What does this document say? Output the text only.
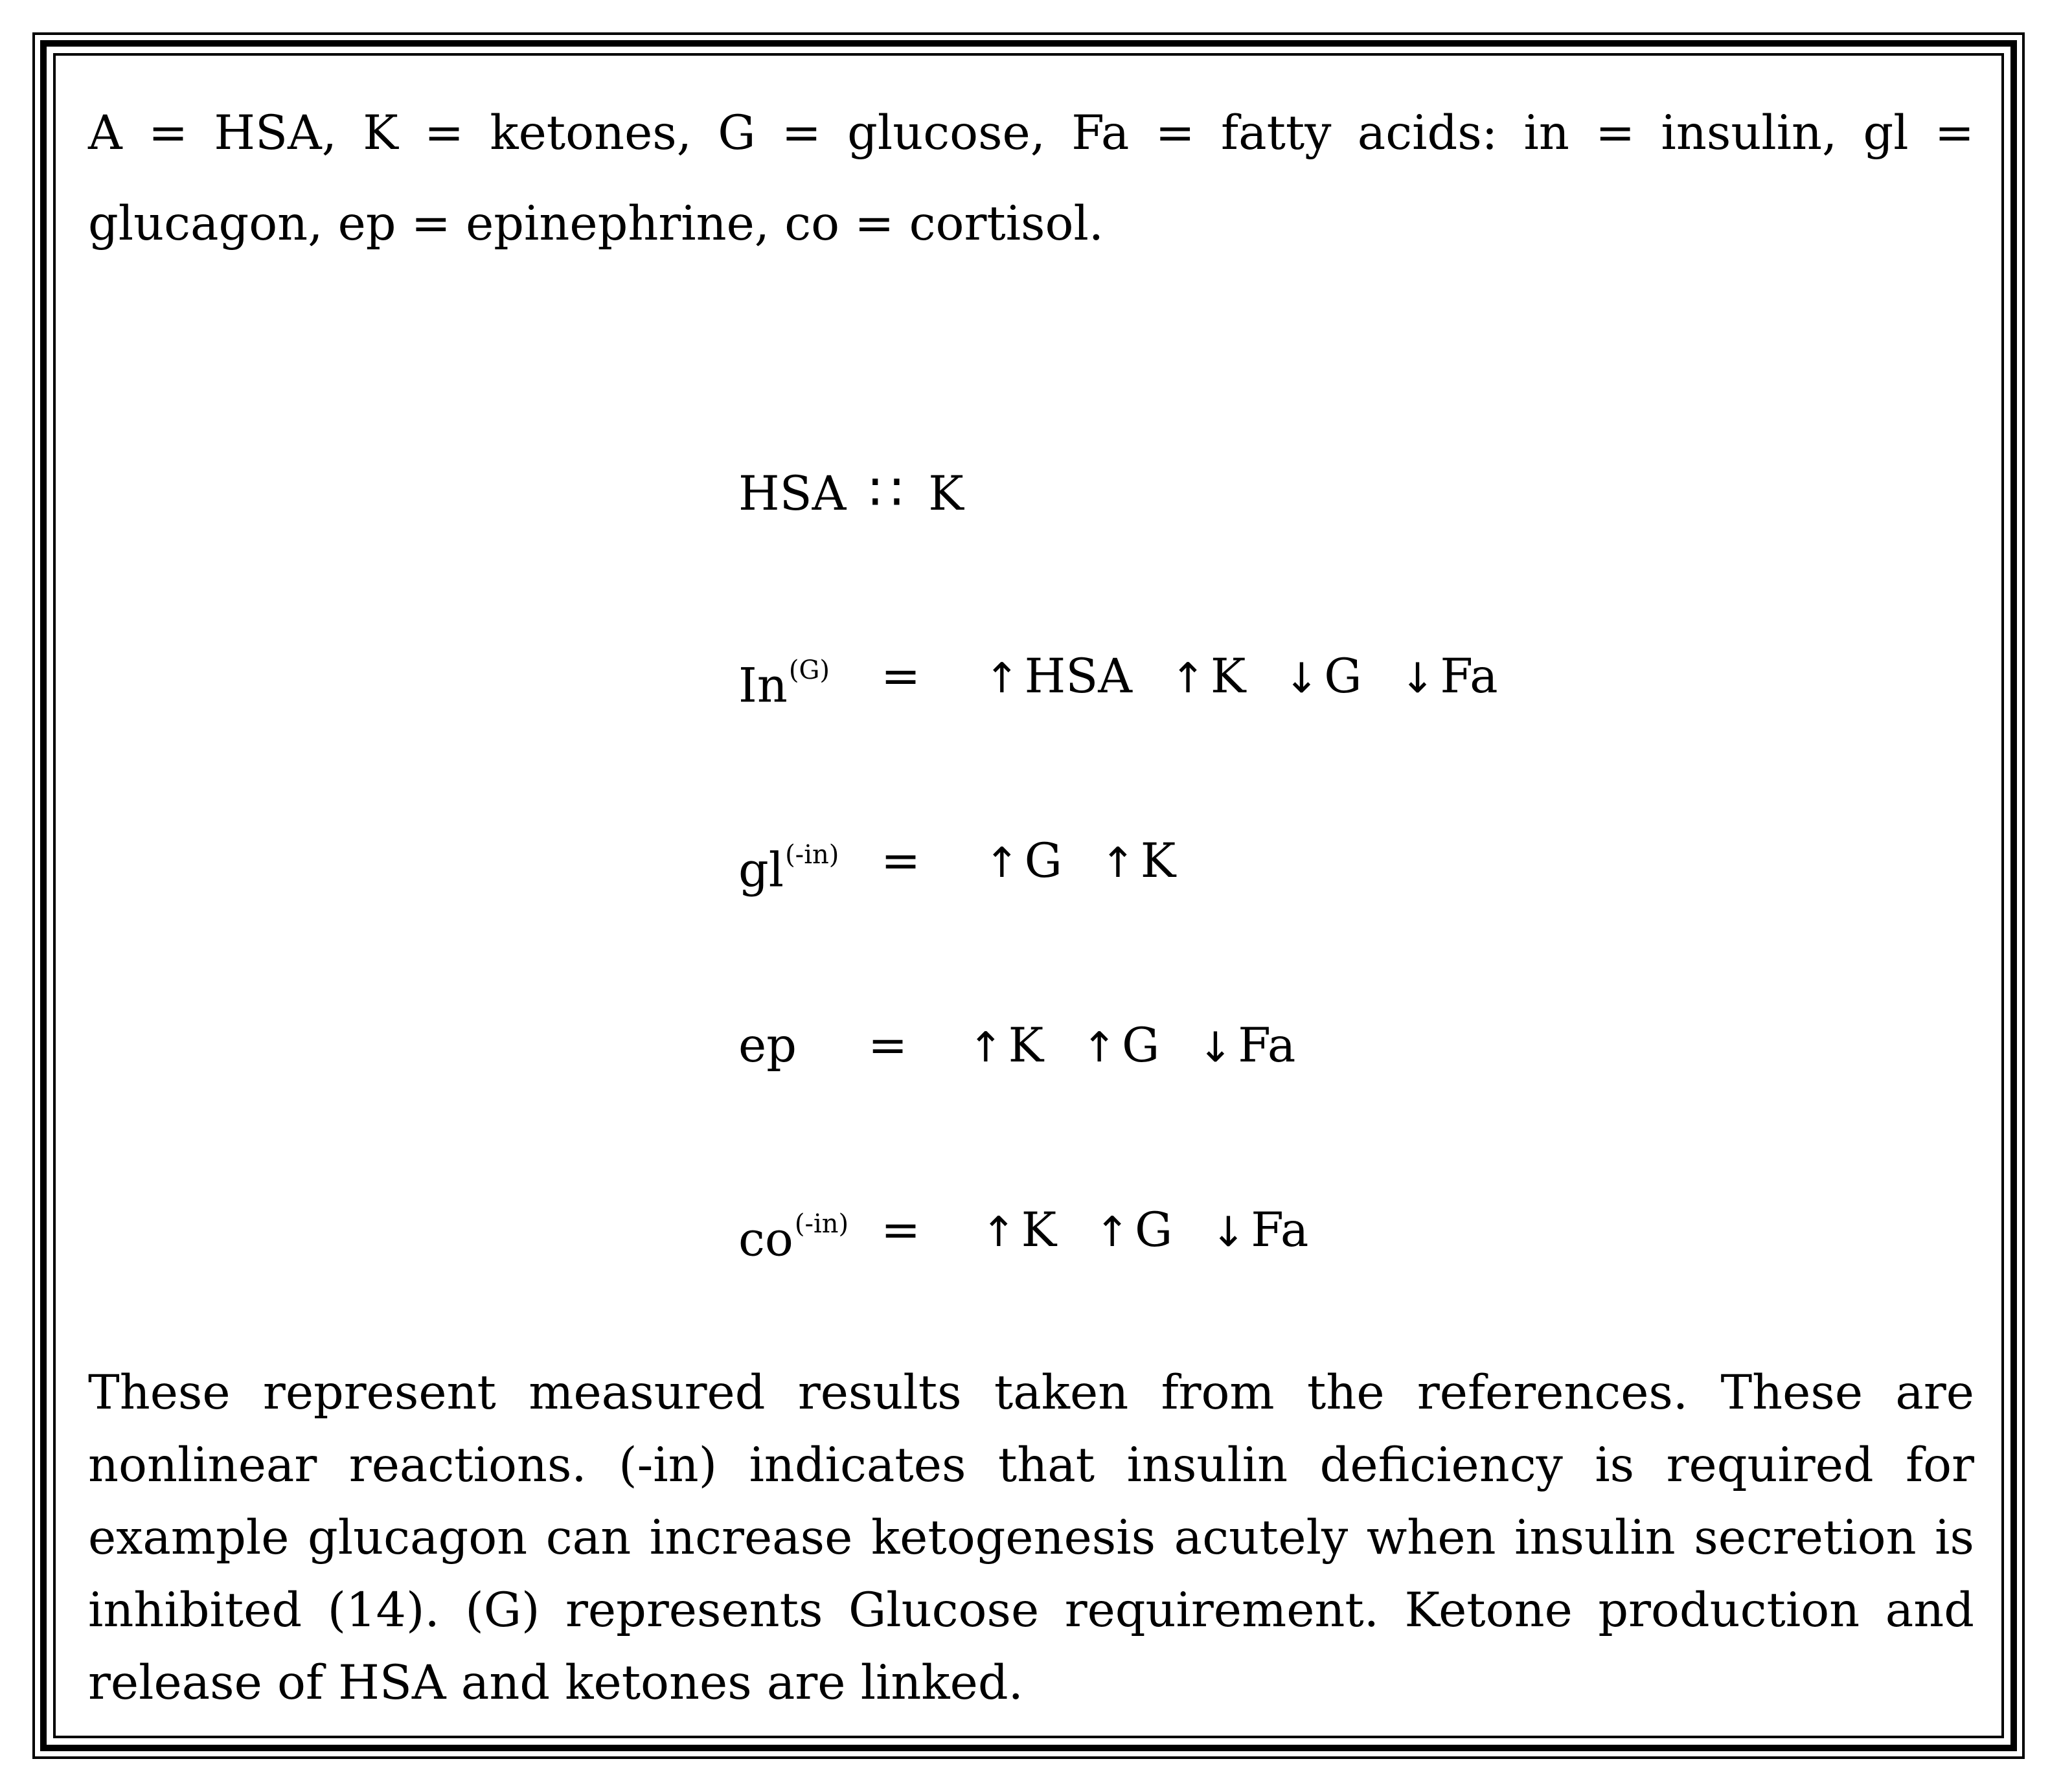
A = HSA, K = ketones, G = glucose, Fa = fatty acids: in = insulin, gl = glucagon, ep = epinephrine, co = cortisol.

HSA ∷ K
$In^{(G)}$ = ↑ HSA ↑ K ↓ G ↓ Fa
$gl^{(-in)}$ = ↑ G ↑ K
ep = ↑ K ↑ G ↓ Fa
$co^{(-in)}$ = ↑ K ↑ G ↓ Fa

These represent measured results taken from the references. These are nonlinear reactions. (-in) indicates that insulin deficiency is required for example glucagon can increase ketogenesis acutely when insulin secretion is inhibited (14). (G) represents Glucose requirement. Ketone production and release of HSA and ketones are linked.
